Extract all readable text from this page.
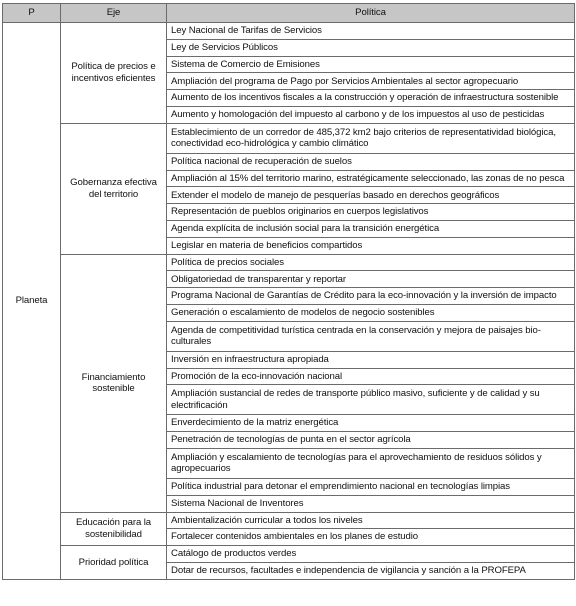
P	Eje	Política
Planeta	Política de precios e incentivos eficientes	Ley Nacional de Tarifas de Servicios
		Ley de Servicios Públicos
		Sistema de Comercio de Emisiones
		Ampliación del programa de Pago por Servicios Ambientales al sector agropecuario
		Aumento de los incentivos fiscales a la construcción y operación de infraestructura sostenible
		Aumento y homologación del impuesto al carbono y de los impuestos al uso de pesticidas
	Gobernanza efectiva del territorio	Establecimiento de un corredor de 485,372 km2 bajo criterios de representatividad biológica, conectividad eco-hidrológica y cambio climático
		Política nacional de recuperación de suelos
		Ampliación al 15% del territorio marino, estratégicamente seleccionado, las zonas de no pesca
		Extender el modelo de manejo de pesquerías basado en derechos geográficos
		Representación de pueblos originarios en cuerpos legislativos
		Agenda explícita de inclusión social para la transición energética
		Legislar en materia de beneficios compartidos
	Financiamiento sostenible	Política de precios sociales
		Obligatoriedad de transparentar y reportar
		Programa Nacional de Garantías de Crédito para la eco-innovación y la inversión de impacto
		Generación o escalamiento de modelos de negocio sostenibles
		Agenda de competitividad turística centrada en la conservación y mejora de paisajes bio-culturales
		Inversión en infraestructura apropiada
		Promoción de la eco-innovación nacional
		Ampliación sustancial de redes de transporte público masivo, suficiente y de calidad y su electrificación
		Enverdecimiento de la matriz energética
		Penetración de tecnologías de punta en el sector agrícola
		Ampliación y escalamiento de tecnologías para el aprovechamiento de residuos sólidos y agropecuarios
		Política industrial para detonar el emprendimiento nacional en tecnologías limpias
		Sistema Nacional de Inventores
	Educación para la sostenibilidad	Ambientalización curricular a todos los niveles
		Fortalecer contenidos ambientales en los planes de estudio
	Prioridad política	Catálogo de productos verdes
		Dotar de recursos, facultades e independencia de vigilancia y sanción a la PROFEPA
